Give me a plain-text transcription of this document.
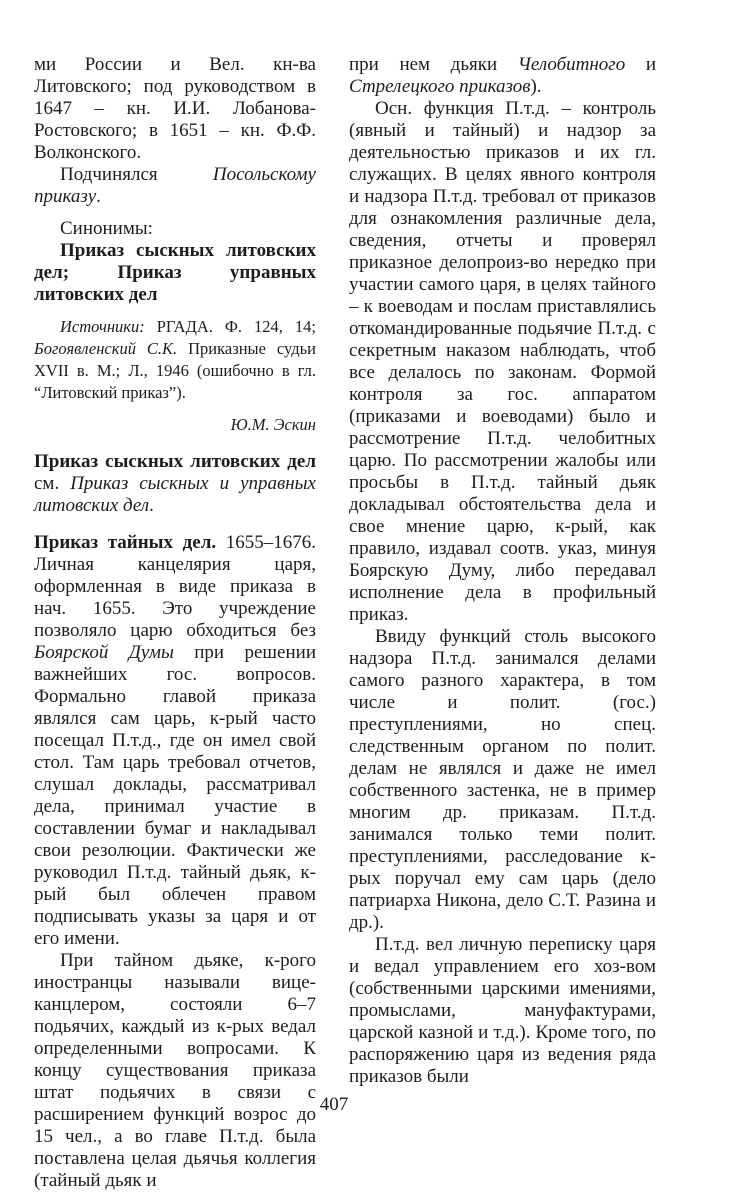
ми России и Вел. кн-ва Литовского; под руководством в 1647 – кн. И.И. Лобанова-Ростовского; в 1651 – кн. Ф.Ф. Волконского.
Подчинялся Посольскому приказу.
Синонимы:
Приказ сыскных литовских дел; Приказ управных литовских дел
Источники: РГАДА. Ф. 124, 14; Богоявленский С.К. Приказные судьи XVII в. М.; Л., 1946 (ошибочно в гл. “Литовский приказ”).
Ю.М. Эскин
Приказ сыскных литовских дел см. Приказ сыскных и управных литовских дел.
Приказ тайных дел. 1655–1676. Личная канцелярия царя, оформленная в виде приказа в нач. 1655. Это учреждение позволяло царю обходиться без Боярской Думы при решении важнейших гос. вопросов. Формально главой приказа являлся сам царь, к-рый часто посещал П.т.д., где он имел свой стол. Там царь требовал отчетов, слушал доклады, рассматривал дела, принимал участие в составлении бумаг и накладывал свои резолюции. Фактически же руководил П.т.д. тайный дьяк, к-рый был облечен правом подписывать указы за царя и от его имени.
При тайном дьяке, к-рого иностранцы называли вице-канцлером, состояли 6–7 подьячих, каждый из к-рых ведал определенными вопросами. К концу существования приказа штат подьячих в связи с расширением функций возрос до 15 чел., а во главе П.т.д. была поставлена целая дьячья коллегия (тайный дьяк и
при нем дьяки Челобитного и Стрелецкого приказов).
Осн. функция П.т.д. – контроль (явный и тайный) и надзор за деятельностью приказов и их гл. служащих. В целях явного контроля и надзора П.т.д. требовал от приказов для ознакомления различные дела, сведения, отчеты и проверял приказное делопроиз-во нередко при участии самого царя, в целях тайного – к воеводам и послам приставлялись откомандированные подьячие П.т.д. с секретным наказом наблюдать, чтоб все делалось по законам. Формой контроля за гос. аппаратом (приказами и воеводами) было и рассмотрение П.т.д. челобитных царю. По рассмотрении жалобы или просьбы в П.т.д. тайный дьяк докладывал обстоятельства дела и свое мнение царю, к-рый, как правило, издавал соотв. указ, минуя Боярскую Думу, либо передавал исполнение дела в профильный приказ.
Ввиду функций столь высокого надзора П.т.д. занимался делами самого разного характера, в том числе и полит. (гос.) преступлениями, но спец. следственным органом по полит. делам не являлся и даже не имел собственного застенка, не в пример многим др. приказам. П.т.д. занимался только теми полит. преступлениями, расследование к-рых поручал ему сам царь (дело патриарха Никона, дело С.Т. Разина и др.).
П.т.д. вел личную переписку царя и ведал управлением его хоз-вом (собственными царскими имениями, промыслами, мануфактурами, царской казной и т.д.). Кроме того, по распоряжению царя из ведения ряда приказов были
407
